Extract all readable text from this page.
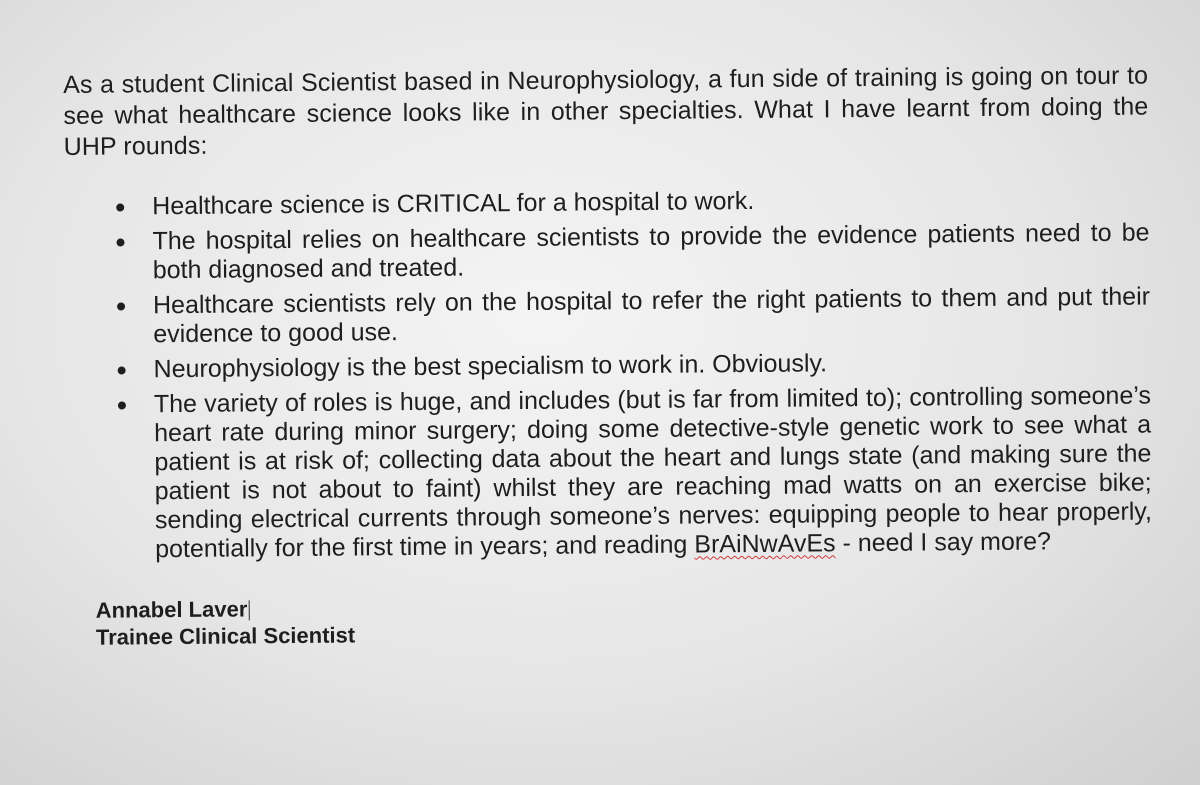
As a student Clinical Scientist based in Neurophysiology, a fun side of training is going on tour to see what healthcare science looks like in other specialties. What I have learnt from doing the UHP rounds:

Healthcare science is CRITICAL for a hospital to work.
The hospital relies on healthcare scientists to provide the evidence patients need to be both diagnosed and treated.
Healthcare scientists rely on the hospital to refer the right patients to them and put their evidence to good use.
Neurophysiology is the best specialism to work in. Obviously.
The variety of roles is huge, and includes (but is far from limited to); controlling someone’s heart rate during minor surgery; doing some detective-style genetic work to see what a patient is at risk of; collecting data about the heart and lungs state (and making sure the patient is not about to faint) whilst they are reaching mad watts on an exercise bike; sending electrical currents through someone’s nerves: equipping people to hear properly, potentially for the first time in years; and reading BrAiNwAvEs - need I say more?
Annabel Laver
Trainee Clinical Scientist
